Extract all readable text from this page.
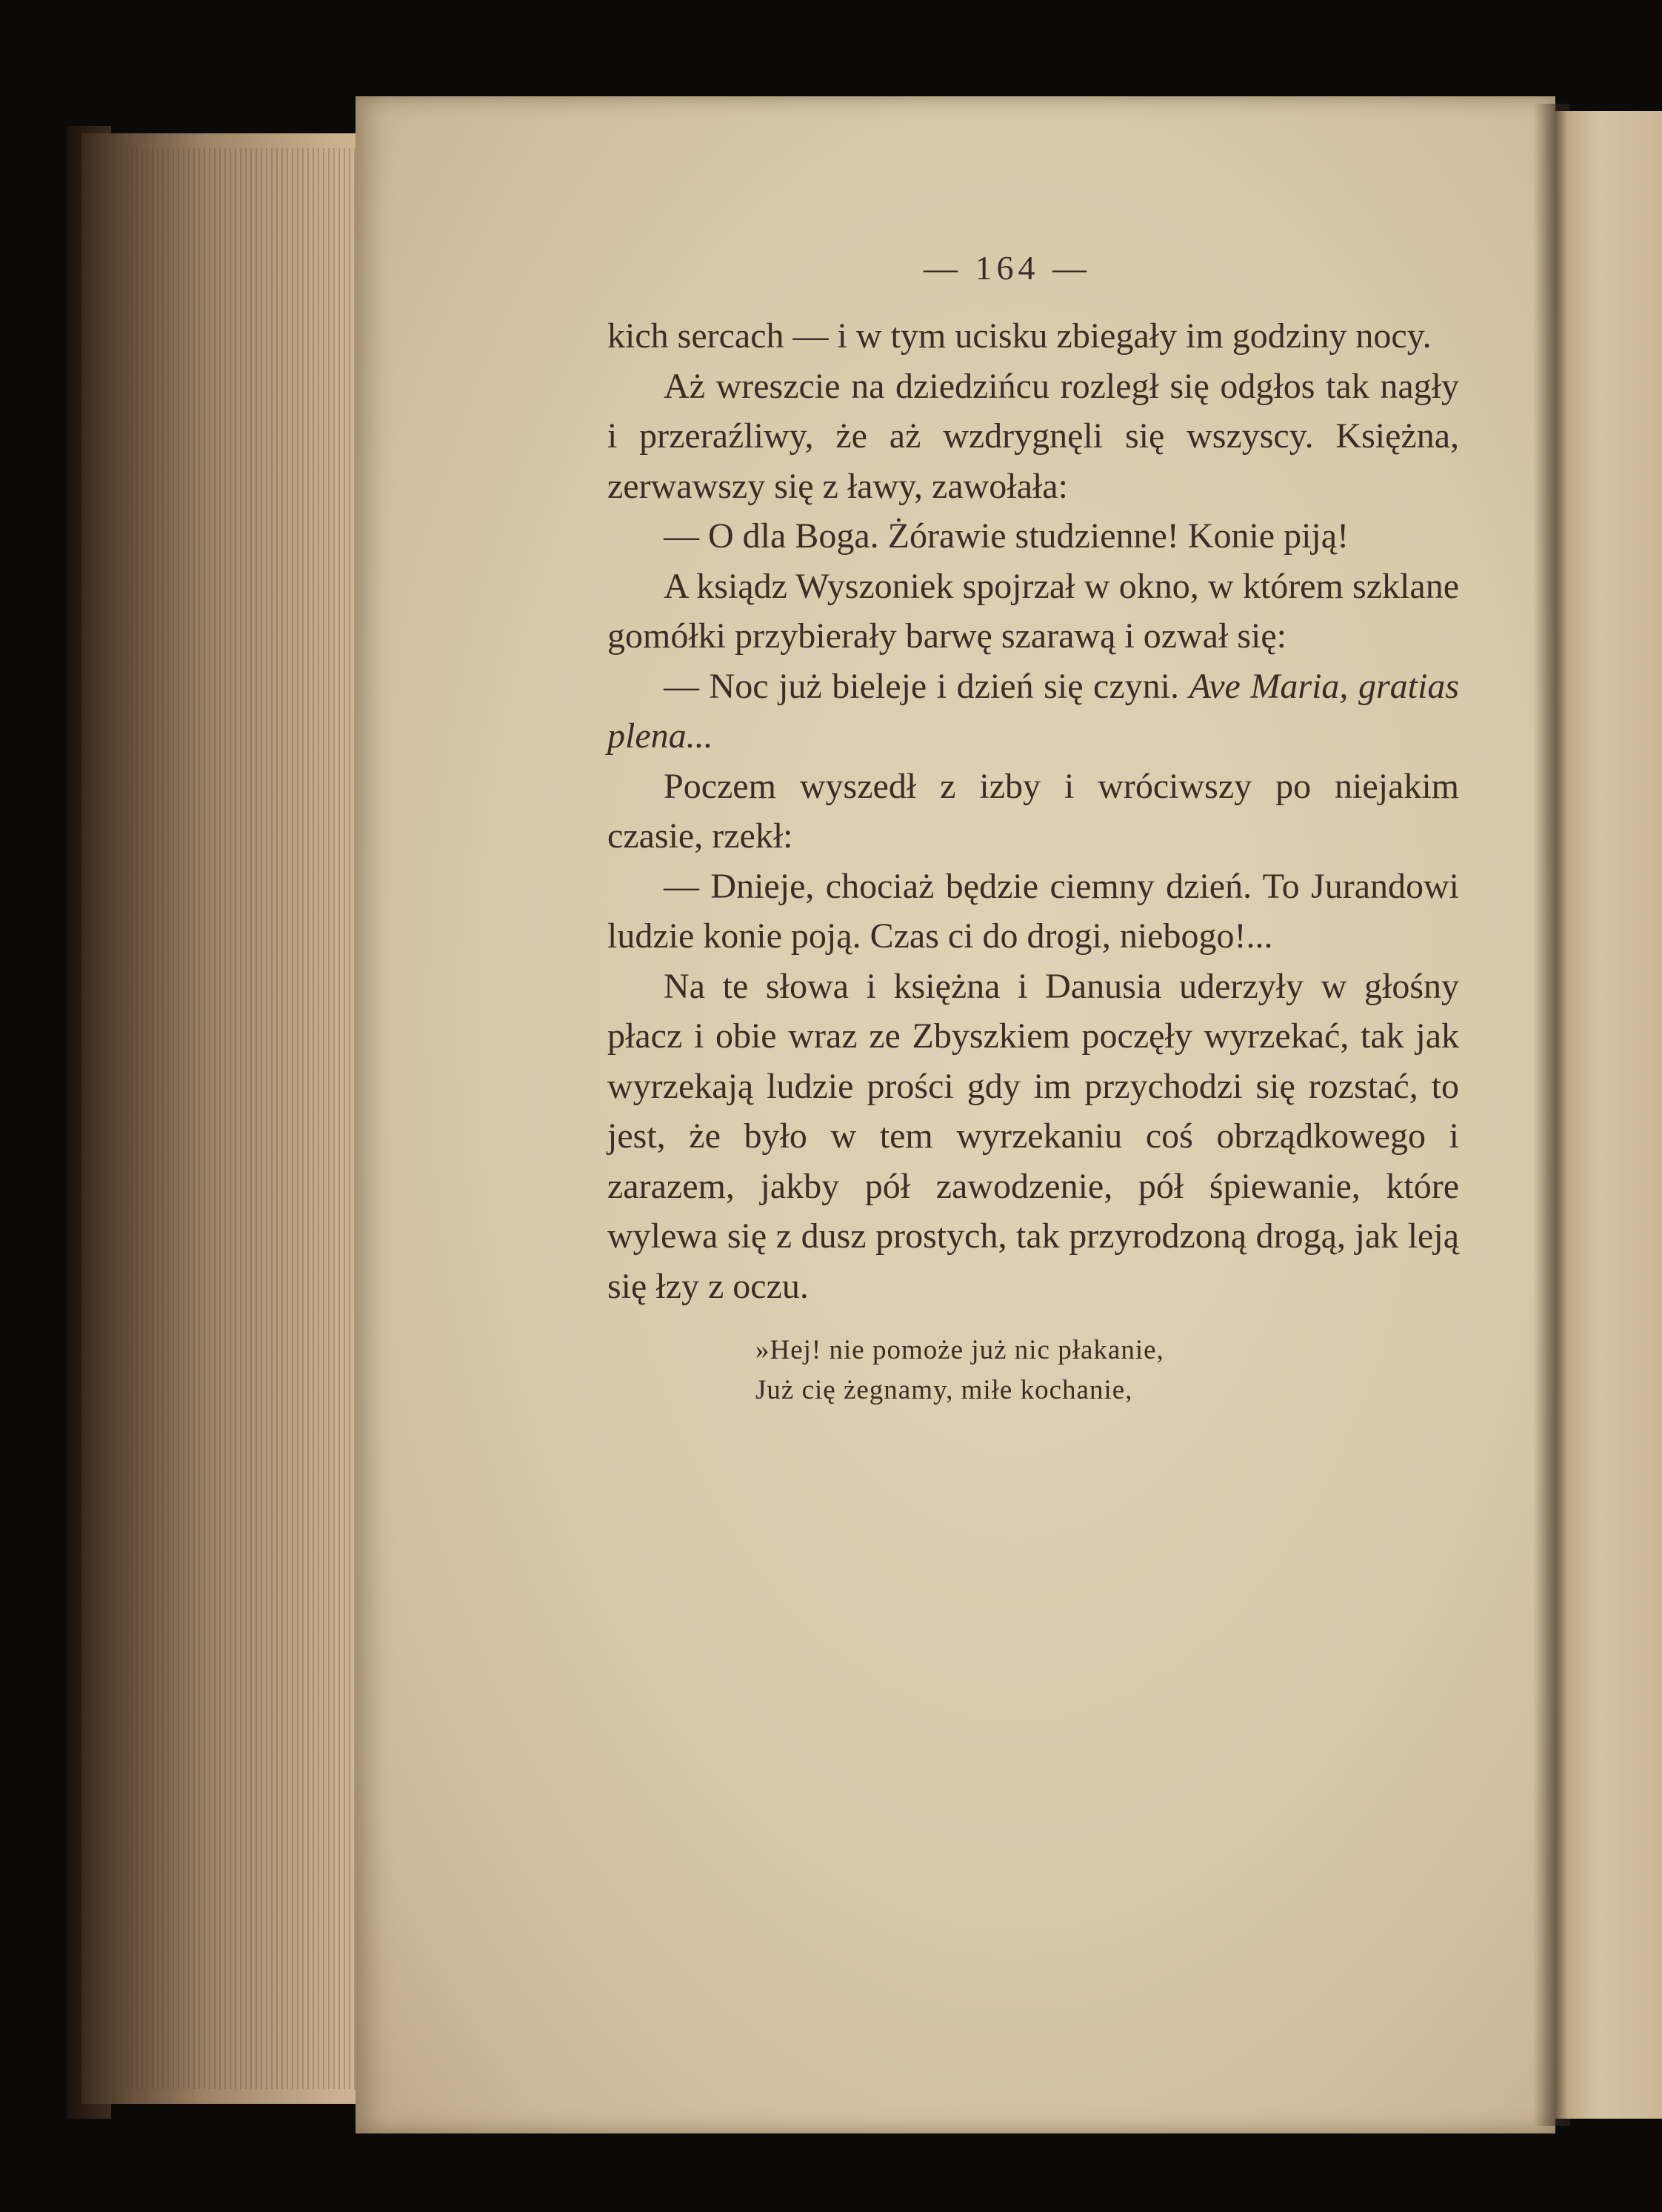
— 164 —

kich sercach — i w tym ucisku zbiegały im godziny nocy.

Aż wreszcie na dziedzińcu rozległ się odgłos tak nagły i przeraźliwy, że aż wzdrygnęli się wszyscy. Księżna, zerwawszy się z ławy, zawołała:

— O dla Boga. Żórawie studzienne! Konie piją!

A ksiądz Wyszoniek spojrzał w okno, w którem szklane gomółki przybierały barwę szarawą i ozwał się:

— Noc już bieleje i dzień się czyni. Ave Maria, gratias plena...

Poczem wyszedł z izby i wróciwszy po niejakim czasie, rzekł:

— Dnieje, chociaż będzie ciemny dzień. To Jurandowi ludzie konie poją. Czas ci do drogi, niebogo!...

Na te słowa i księżna i Danusia uderzyły w głośny płacz i obie wraz ze Zbyszkiem poczęły wyrzekać, tak jak wyrzekają ludzie prości gdy im przychodzi się rozstać, to jest, że było w tem wyrzekaniu coś obrządkowego i zarazem, jakby pół zawodzenie, pół śpiewanie, które wylewa się z dusz prostych, tak przyrodzoną drogą, jak leją się łzy z oczu.

»Hej! nie pomoże już nic płakanie,
Już cię żegnamy, miłe kochanie,
